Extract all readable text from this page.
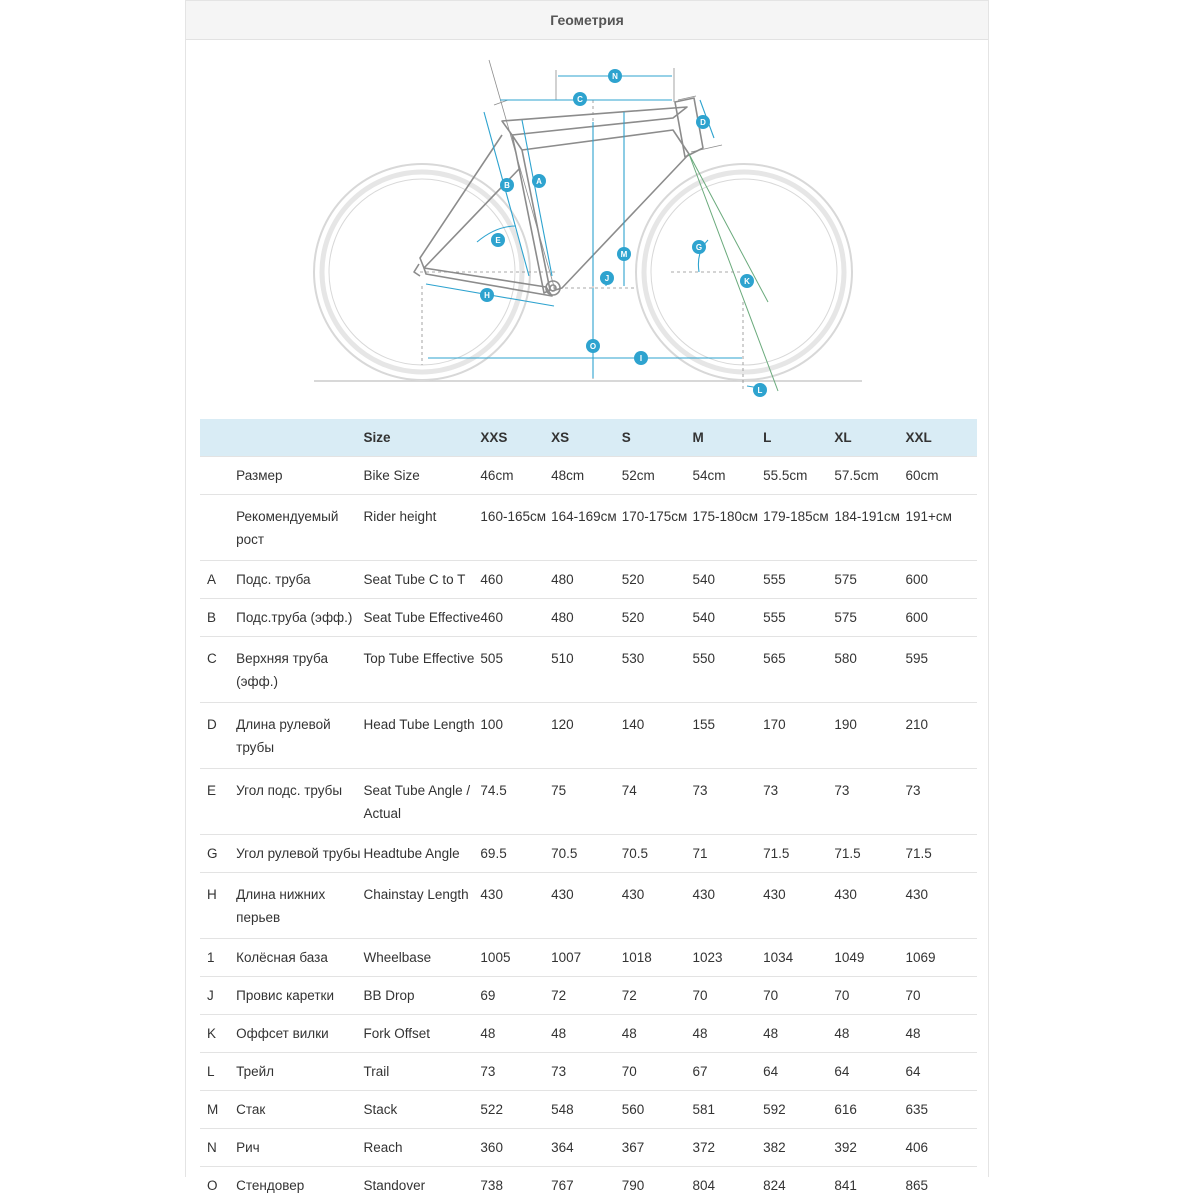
Геометрия
A
B
C
D
E
G
H
I
J	K
L
M
N
O
		Size	XXS	XS	S	M	L	XL	XXL
	Размер	Bike Size	46cm	48cm	52cm	54cm	55.5cm	57.5cm	60cm
	Рекомендуемый рост	Rider height	160-165см	164-169см	170-175см	175-180см	179-185см	184-191см	191+см
A	Подс. труба	Seat Tube C to T	460	480	520	540	555	575	600
B	Подс.труба (эфф.)	Seat Tube Effective	460	480	520	540	555	575	600
C	Верхняя труба (эфф.)	Top Tube Effective	505	510	530	550	565	580	595
D	Длина рулевой трубы	Head Tube Length	100	120	140	155	170	190	210
E	Угол подс. трубы	Seat Tube Angle / Actual	74.5	75	74	73	73	73	73
G	Угол рулевой трубы	Headtube Angle	69.5	70.5	70.5	71	71.5	71.5	71.5
H	Длина нижних перьев	Chainstay Length	430	430	430	430	430	430	430
1	Колёсная база	Wheelbase	1005	1007	1018	1023	1034	1049	1069
J	Провис каретки	BB Drop	69	72	72	70	70	70	70
K	Оффсет вилки	Fork Offset	48	48	48	48	48	48	48
L	Трейл	Trail	73	73	70	67	64	64	64
M	Стак	Stack	522	548	560	581	592	616	635
N	Рич	Reach	360	364	367	372	382	392	406
O	Стендовер	Standover	738	767	790	804	824	841	865
